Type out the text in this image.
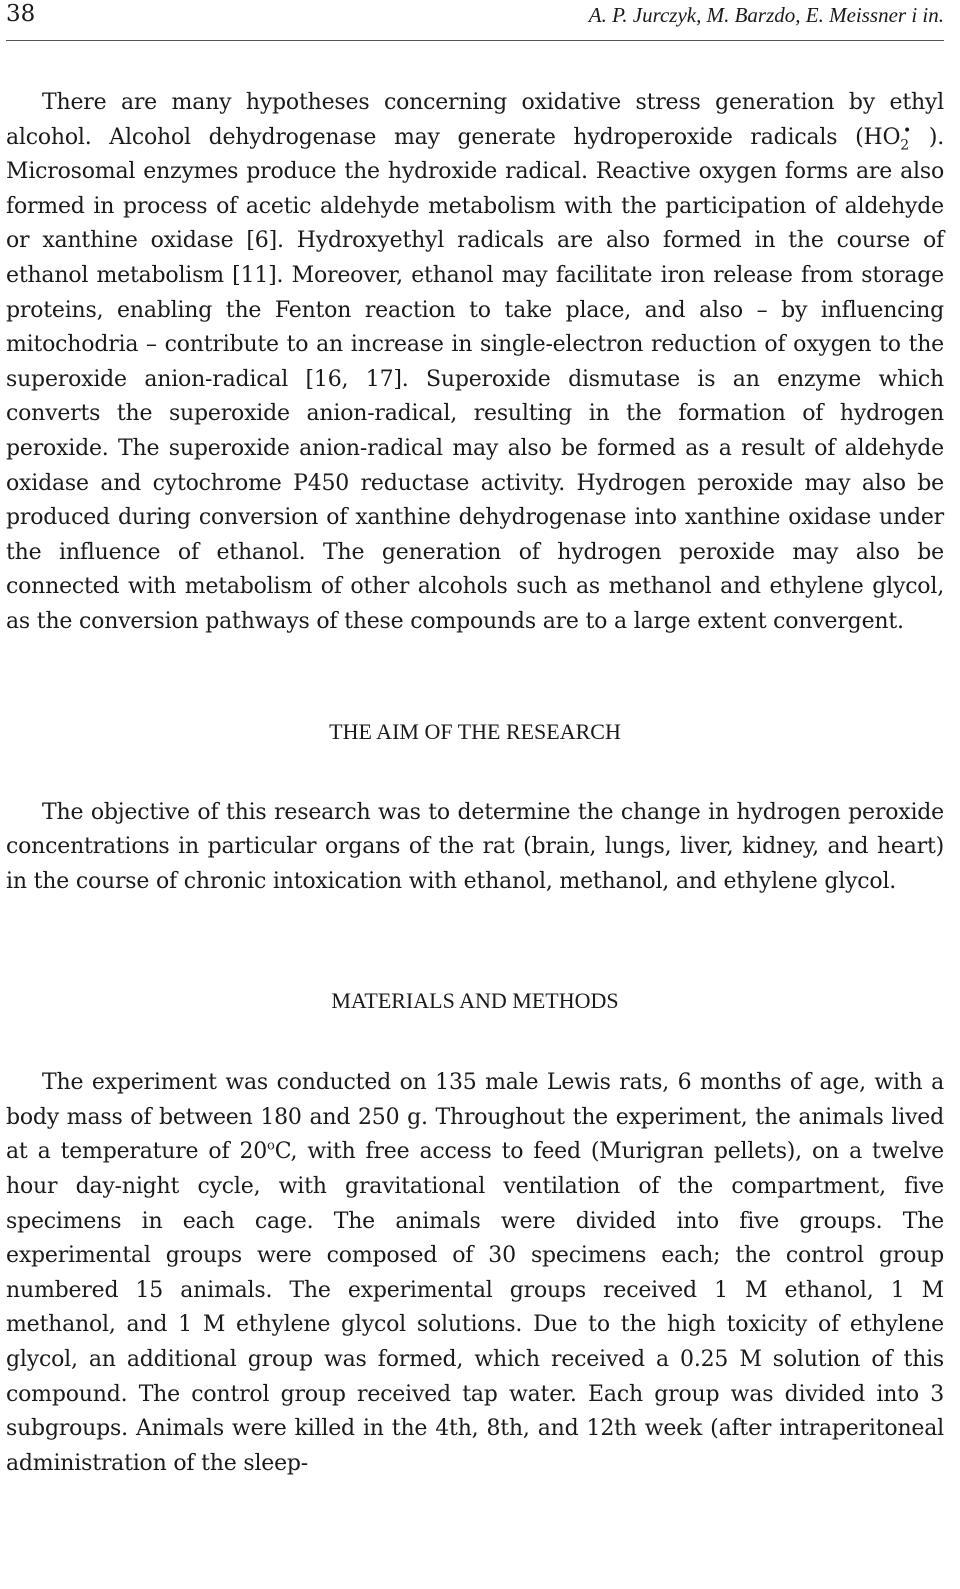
38	A. P. Jurczyk, M. Barzdo, E. Meissner i in.

There are many hypotheses concerning oxidative stress generation by ethyl alcohol. Alcohol dehydrogenase may generate hydroperoxide radicals ($HO_2^•$ ). Microsomal enzymes produce the hydroxide radical. Reactive oxygen forms are also formed in process of acetic aldehyde metabolism with the participation of aldehyde or xanthine oxidase [6]. Hydroxyethyl radicals are also formed in the course of ethanol metabolism [11]. Moreover, ethanol may facilitate iron release from storage proteins, enabling the Fenton reaction to take place, and also – by influencing mitochodria – contribute to an increase in single-electron reduction of oxygen to the superoxide anion-radical [16, 17]. Superoxide dismutase is an enzyme which converts the superoxide anion-radical, resulting in the formation of hydrogen peroxide. The superoxide anion-radical may also be formed as a result of aldehyde oxidase and cytochrome P450 reductase activity. Hydrogen peroxide may also be produced during conversion of xanthine dehydrogenase into xanthine oxidase under the influence of ethanol. The generation of hydrogen peroxide may also be connected with metabolism of other alcohols such as methanol and ethylene glycol, as the conversion pathways of these compounds are to a large extent convergent.

THE AIM OF THE RESEARCH

The objective of this research was to determine the change in hydrogen peroxide concentrations in particular organs of the rat (brain, lungs, liver, kidney, and heart) in the course of chronic intoxication with ethanol, methanol, and ethylene glycol.

MATERIALS AND METHODS

The experiment was conducted on 135 male Lewis rats, 6 months of age, with a body mass of between 180 and 250 g. Throughout the experiment, the animals lived at a temperature of 20$^o$C, with free access to feed (Murigran pellets), on a twelve hour day-night cycle, with gravitational ventilation of the compartment, five specimens in each cage. The animals were divided into five groups. The experimental groups were composed of 30 specimens each; the control group numbered 15 animals. The experimental groups received 1 M ethanol, 1 M methanol, and 1 M ethylene glycol solutions. Due to the high toxicity of ethylene glycol, an additional group was formed, which received a 0.25 M solution of this compound. The control group received tap water. Each group was divided into 3 subgroups. Animals were killed in the 4th, 8th, and 12th week (after intraperitoneal administration of the sleep-
